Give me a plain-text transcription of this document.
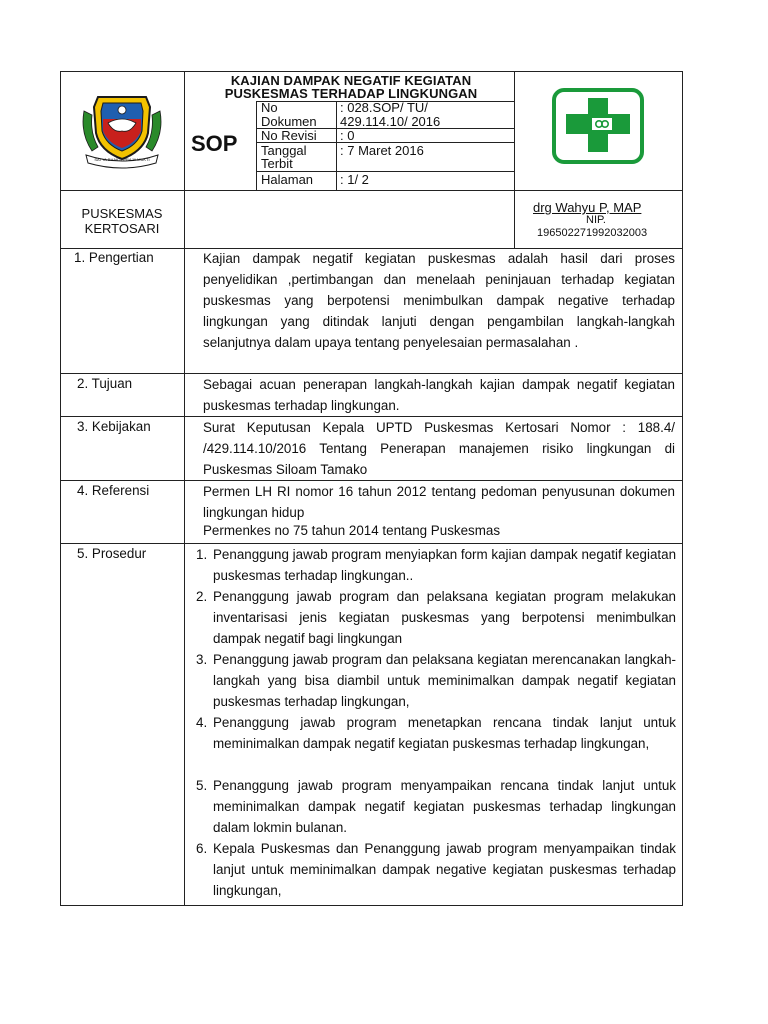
SATYA BHAKTI PRAJA MUKTI
KAJIAN DAMPAK NEGATIF KEGIATAN
PUSKESMAS TERHADAP LINGKUNGAN
SOP
No
Dokumen
: 028.SOP/ TU/
429.114.10/ 2016
No Revisi : 0
Tanggal
Terbit
: 7 Maret 2016
Halaman : 1/ 2
PUSKESMAS
KERTOSARI
drg Wahyu P, MAP
NIP.
196502271992032003
1. Pengertian	Kajian dampak negatif kegiatan puskesmas adalah hasil dari proses penyelidikan ,pertimbangan dan menelaah peninjauan terhadap kegiatan puskesmas yang berpotensi menimbulkan dampak negative terhadap lingkungan yang ditindak lanjuti dengan pengambilan langkah-langkah selanjutnya dalam upaya tentang penyelesaian permasalahan .
2. Tujuan	Sebagai acuan penerapan langkah-langkah kajian dampak negatif kegiatan puskesmas terhadap lingkungan.
3. Kebijakan	Surat Keputusan Kepala UPTD Puskesmas Kertosari Nomor : 188.4/ /429.114.10/2016 Tentang Penerapan manajemen risiko lingkungan di Puskesmas Siloam Tamako
4. Referensi	Permen LH RI nomor 16 tahun 2012 tentang pedoman penyusunan dokumen lingkungan hidup
Permenkes no 75 tahun 2014 tentang Puskesmas
5. Prosedur	1. Penanggung jawab program menyiapkan form kajian dampak negatif kegiatan puskesmas terhadap lingkungan..
2. Penanggung jawab program dan pelaksana kegiatan program melakukan inventarisasi jenis kegiatan puskesmas yang berpotensi menimbulkan dampak negatif bagi lingkungan
3. Penanggung jawab program dan pelaksana kegiatan merencanakan langkah-langkah yang bisa diambil untuk meminimalkan dampak negatif kegiatan puskesmas terhadap lingkungan,
4. Penanggung jawab program menetapkan rencana tindak lanjut untuk meminimalkan dampak negatif kegiatan puskesmas terhadap lingkungan,
5. Penanggung jawab program menyampaikan rencana tindak lanjut untuk meminimalkan dampak negatif kegiatan puskesmas terhadap lingkungan dalam lokmin bulanan.
6. Kepala Puskesmas dan Penanggung jawab program menyampaikan tindak lanjut untuk meminimalkan dampak negative kegiatan puskesmas terhadap lingkungan,
